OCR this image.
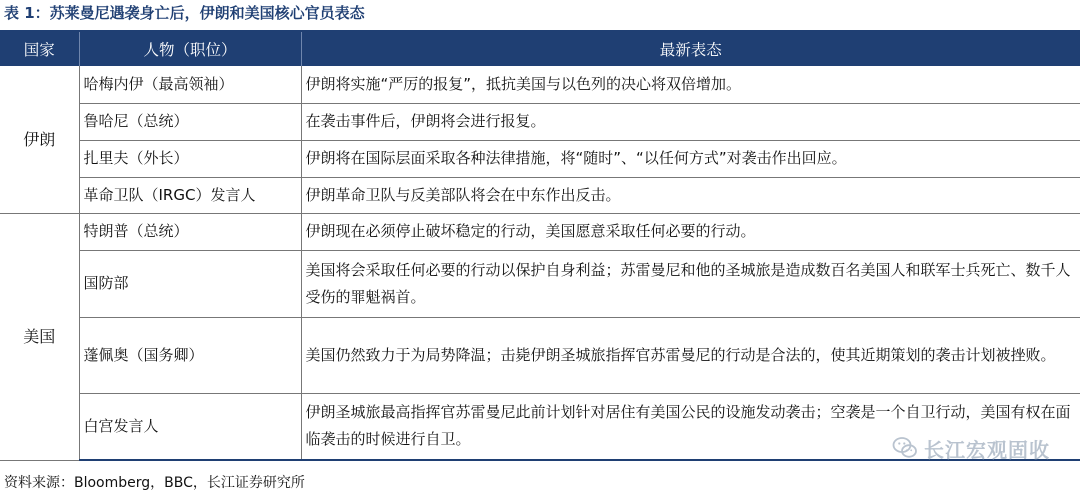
表 1：苏莱曼尼遇袭身亡后，伊朗和美国核心官员表态
国家	人物（职位）	最新表态
伊朗	哈梅内伊（最高领袖）	伊朗将实施“严厉的报复”，抵抗美国与以色列的决心将双倍增加。
	鲁哈尼（总统）	在袭击事件后，伊朗将会进行报复。
	扎里夫（外长）	伊朗将在国际层面采取各种法律措施，将“随时”、“以任何方式”对袭击作出回应。
	革命卫队（IRGC）发言人	伊朗革命卫队与反美部队将会在中东作出反击。
美国	特朗普（总统）	伊朗现在必须停止破坏稳定的行动，美国愿意采取任何必要的行动。
	国防部	美国将会采取任何必要的行动以保护自身利益；苏雷曼尼和他的圣城旅是造成数百名美国人和联军士兵死亡、数千人受伤的罪魁祸首。
	蓬佩奥（国务卿）	美国仍然致力于为局势降温；击毙伊朗圣城旅指挥官苏雷曼尼的行动是合法的，使其近期策划的袭击计划被挫败。
	白宫发言人	伊朗圣城旅最高指挥官苏雷曼尼此前计划针对居住有美国公民的设施发动袭击；空袭是一个自卫行动，美国有权在面临袭击的时候进行自卫。	长江宏观固收
资料来源：Bloomberg，BBC，长江证券研究所
